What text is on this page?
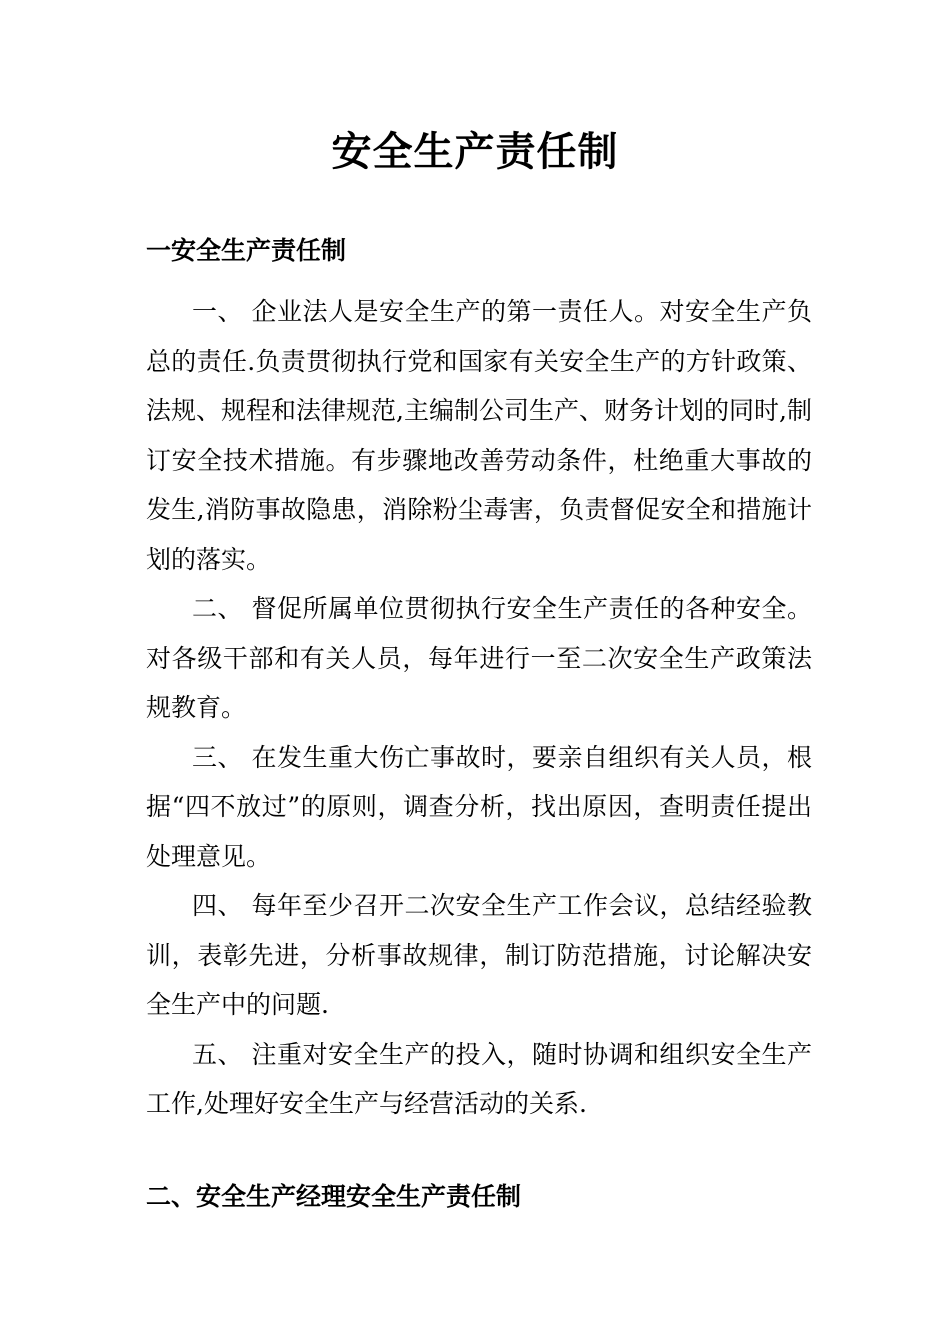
安全生产责任制
一安全生产责任制

一、 企业法人是安全生产的第一责任人。对安全生产负总的责任.负责贯彻执行党和国家有关安全生产的方针政策、法规、规程和法律规范,主编制公司生产、财务计划的同时,制订安全技术措施。有步骤地改善劳动条件，杜绝重大事故的发生,消防事故隐患，消除粉尘毒害，负责督促安全和措施计划的落实。

二、 督促所属单位贯彻执行安全生产责任的各种安全。对各级干部和有关人员，每年进行一至二次安全生产政策法规教育。

三、 在发生重大伤亡事故时，要亲自组织有关人员，根据“四不放过”的原则，调查分析，找出原因，查明责任提出处理意见。

四、 每年至少召开二次安全生产工作会议，总结经验教训，表彰先进，分析事故规律，制订防范措施，讨论解决安全生产中的问题.

五、 注重对安全生产的投入，随时协调和组织安全生产工作,处理好安全生产与经营活动的关系.

二、安全生产经理安全生产责任制
